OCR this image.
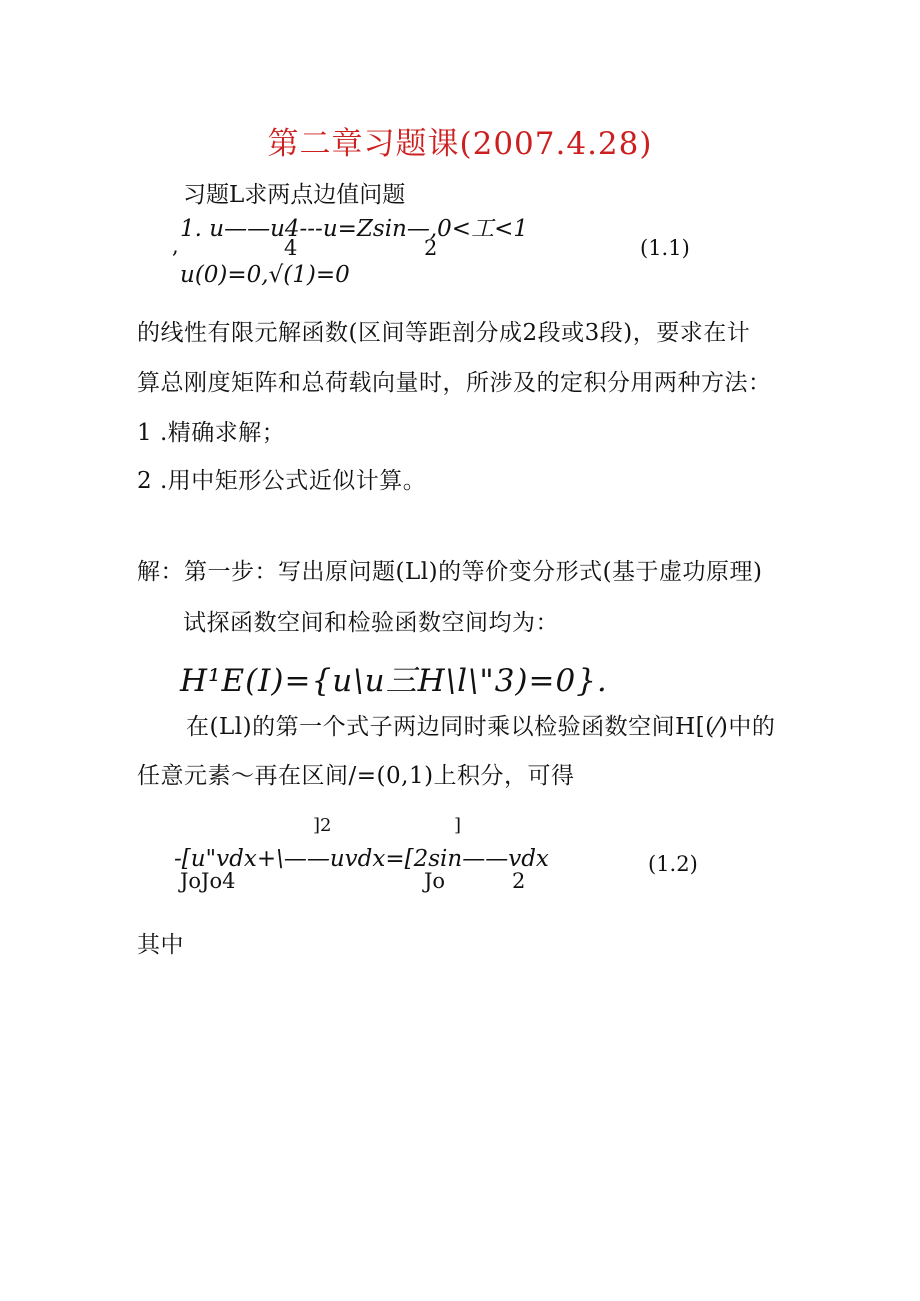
第二章习题课(2007.4.28)
习题L求两点边值问题
1. u——u4---u=Zsin—,0<工<1
,	4	2	(1.1)
u(0)=0,√(1)=0
的线性有限元解函数(区间等距剖分成2段或3段)，要求在计
算总刚度矩阵和总荷载向量时，所涉及的定积分用两种方法：
1 .精确求解；
2 .用中矩形公式近似计算。
解：第一步：写出原问题(Ll)的等价变分形式(基于虚功原理)
试探函数空间和检验函数空间均为：
H¹E(I)={u\u三H\l\"3)=0}.
在(Ll)的第一个式子两边同时乘以检验函数空间H[(⁄)中的
任意元素～再在区间/=(0,1)上积分，可得
]2	]
-[u"vdx+\——uvdx=[2sin——vdx	(1.2)
JoJo4	Jo	2
其中
